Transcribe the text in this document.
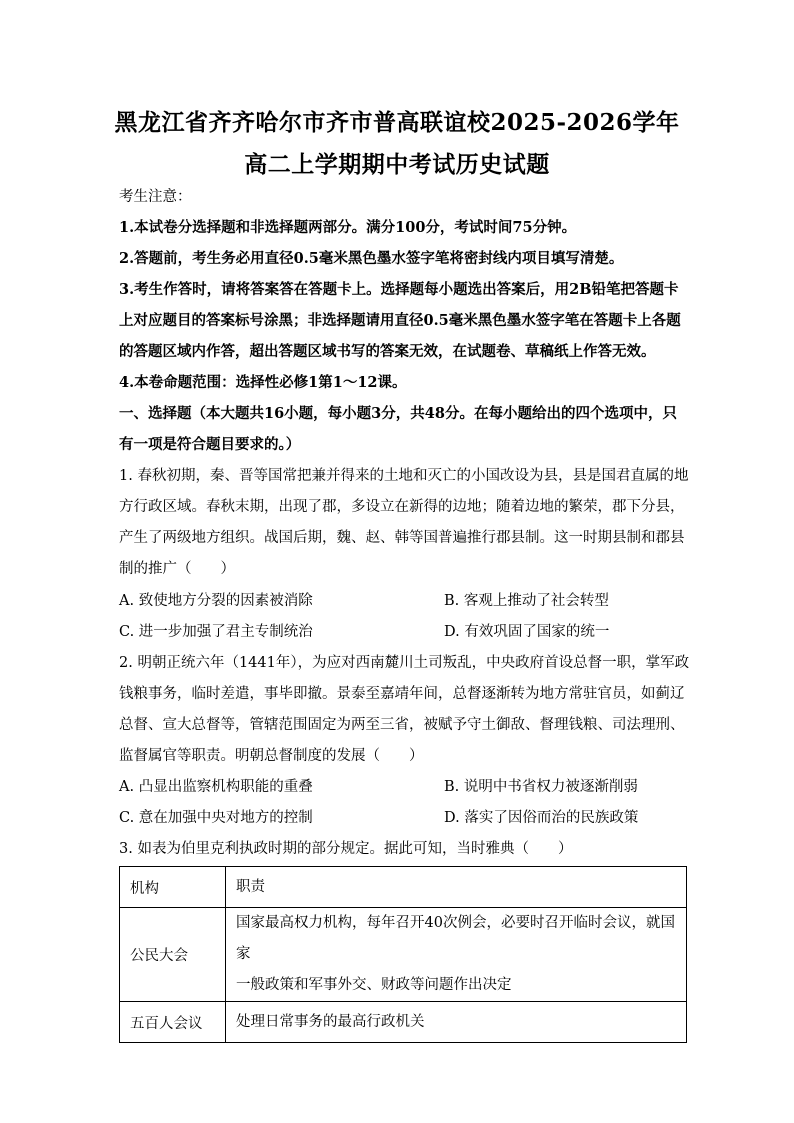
黑龙江省齐齐哈尔市齐市普高联谊校2025-2026学年
高二上学期期中考试历史试题
考生注意：
1.本试卷分选择题和非选择题两部分。满分100分，考试时间75分钟。
2.答题前，考生务必用直径0.5毫米黑色墨水签字笔将密封线内项目填写清楚。
3.考生作答时，请将答案答在答题卡上。选择题每小题选出答案后，用2B铅笔把答题卡
上对应题目的答案标号涂黑；非选择题请用直径0.5毫米黑色墨水签字笔在答题卡上各题
的答题区域内作答，超出答题区域书写的答案无效，在试题卷、草稿纸上作答无效。
4.本卷命题范围：选择性必修1第1～12课。
一、选择题（本大题共16小题，每小题3分，共48分。在每小题给出的四个选项中，只
有一项是符合题目要求的。）
1. 春秋初期，秦、晋等国常把兼并得来的土地和灭亡的小国改设为县，县是国君直属的地
方行政区域。春秋末期，出现了郡，多设立在新得的边地；随着边地的繁荣，郡下分县，
产生了两级地方组织。战国后期，魏、赵、韩等国普遍推行郡县制。这一时期县制和郡县
制的推广（　　）
A. 致使地方分裂的因素被消除	B. 客观上推动了社会转型
C. 进一步加强了君主专制统治	D. 有效巩固了国家的统一
2. 明朝正统六年（1441年），为应对西南麓川土司叛乱，中央政府首设总督一职，掌军政
钱粮事务，临时差遣，事毕即撤。景泰至嘉靖年间，总督逐渐转为地方常驻官员，如蓟辽
总督、宣大总督等，管辖范围固定为两至三省，被赋予守土御敌、督理钱粮、司法理刑、
监督属官等职责。明朝总督制度的发展（　　）
A. 凸显出监察机构职能的重叠	B. 说明中书省权力被逐渐削弱
C. 意在加强中央对地方的控制	D. 落实了因俗而治的民族政策
3. 如表为伯里克利执政时期的部分规定。据此可知，当时雅典（　　）
机构	职责
公民大会	国家最高权力机构，每年召开40次例会，必要时召开临时会议，就国家
一般政策和军事外交、财政等问题作出决定

五百人会议	处理日常事务的最高行政机关
